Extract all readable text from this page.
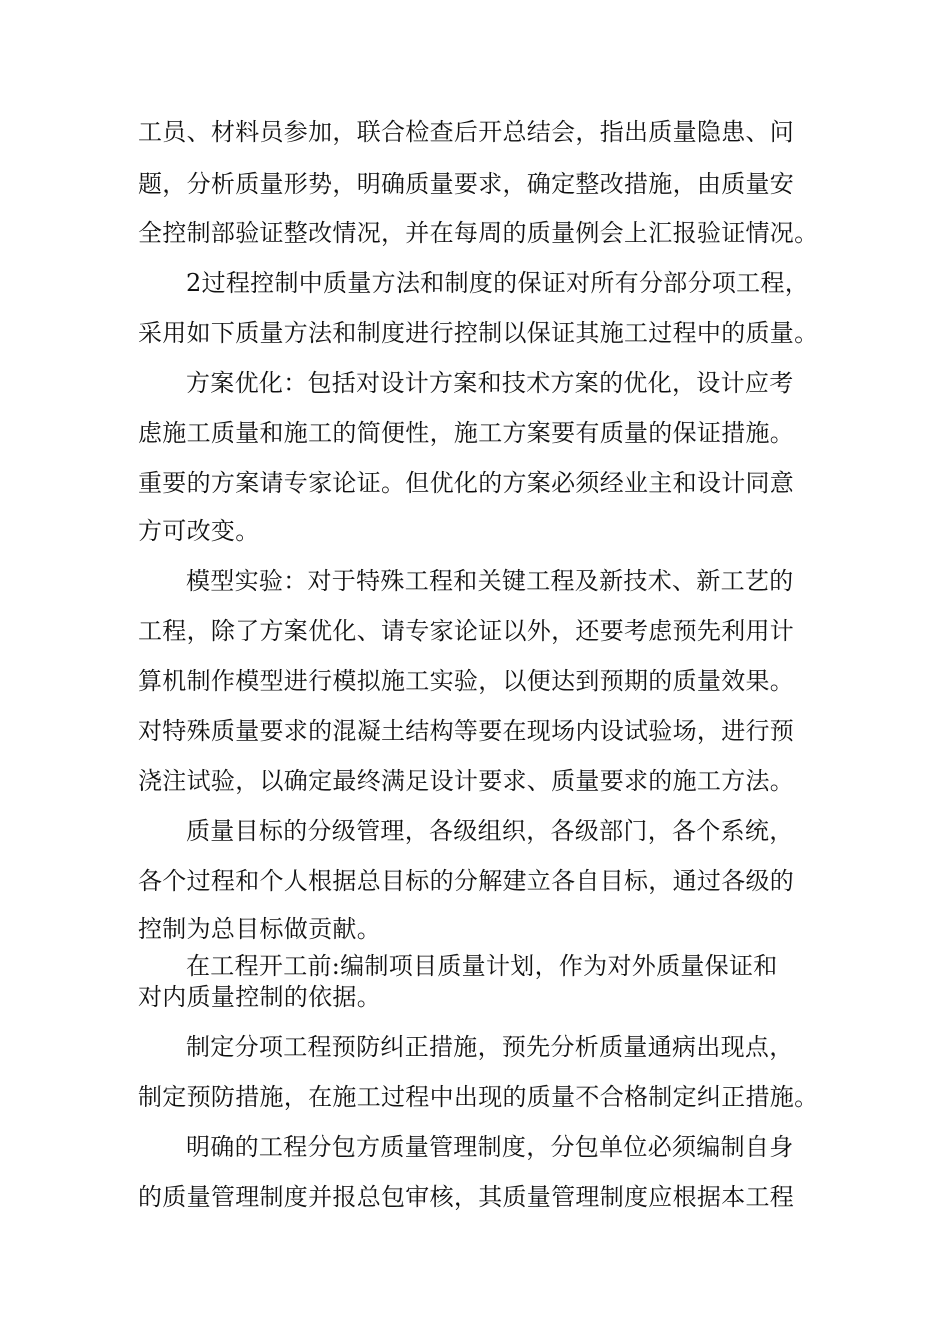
工员、材料员参加，联合检查后开总结会，指出质量隐患、问
题，分析质量形势，明确质量要求，确定整改措施，由质量安
全控制部验证整改情况，并在每周的质量例会上汇报验证情况。
2过程控制中质量方法和制度的保证对所有分部分项工程，
采用如下质量方法和制度进行控制以保证其施工过程中的质量。
方案优化：包括对设计方案和技术方案的优化，设计应考
虑施工质量和施工的简便性，施工方案要有质量的保证措施。
重要的方案请专家论证。但优化的方案必须经业主和设计同意
方可改变。
模型实验：对于特殊工程和关键工程及新技术、新工艺的
工程，除了方案优化、请专家论证以外，还要考虑预先利用计
算机制作模型进行模拟施工实验，以便达到预期的质量效果。
对特殊质量要求的混凝土结构等要在现场内设试验场，进行预
浇注试验，以确定最终满足设计要求、质量要求的施工方法。
质量目标的分级管理，各级组织，各级部门，各个系统，
各个过程和个人根据总目标的分解建立各自目标，通过各级的
控制为总目标做贡献。
在工程开工前:编制项目质量计划，作为对外质量保证和
对内质量控制的依据。
制定分项工程预防纠正措施，预先分析质量通病出现点，
制定预防措施，在施工过程中出现的质量不合格制定纠正措施。
明确的工程分包方质量管理制度，分包单位必须编制自身
的质量管理制度并报总包审核，其质量管理制度应根据本工程
